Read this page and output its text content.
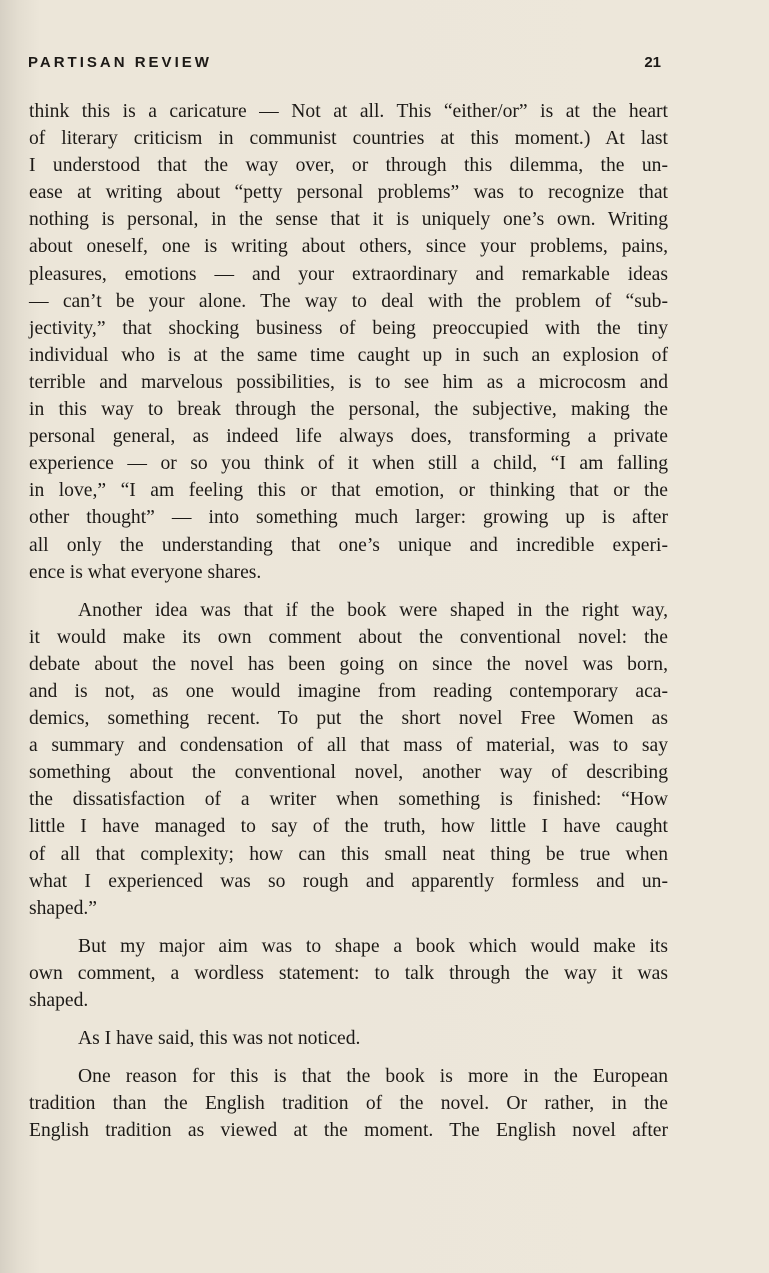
PARTISAN REVIEW	21
think this is a caricature — Not at all. This “either/or” is at the heart
of literary criticism in communist countries at this moment.) At last
I understood that the way over, or through this dilemma, the un-
ease at writing about “petty personal problems” was to recognize that
nothing is personal, in the sense that it is uniquely one’s own. Writing
about oneself, one is writing about others, since your problems, pains,
pleasures, emotions — and your extraordinary and remarkable ideas
— can’t be your alone. The way to deal with the problem of “sub-
jectivity,” that shocking business of being preoccupied with the tiny
individual who is at the same time caught up in such an explosion of
terrible and marvelous possibilities, is to see him as a microcosm and
in this way to break through the personal, the subjective, making the
personal general, as indeed life always does, transforming a private
experience — or so you think of it when still a child, “I am falling
in love,” “I am feeling this or that emotion, or thinking that or the
other thought” — into something much larger: growing up is after
all only the understanding that one’s unique and incredible experi-
ence is what everyone shares.
Another idea was that if the book were shaped in the right way,
it would make its own comment about the conventional novel: the
debate about the novel has been going on since the novel was born,
and is not, as one would imagine from reading contemporary aca-
demics, something recent. To put the short novel Free Women as
a summary and condensation of all that mass of material, was to say
something about the conventional novel, another way of describing
the dissatisfaction of a writer when something is finished: “How
little I have managed to say of the truth, how little I have caught
of all that complexity; how can this small neat thing be true when
what I experienced was so rough and apparently formless and un-
shaped.”
But my major aim was to shape a book which would make its
own comment, a wordless statement: to talk through the way it was
shaped.
As I have said, this was not noticed.
One reason for this is that the book is more in the European
tradition than the English tradition of the novel. Or rather, in the
English tradition as viewed at the moment. The English novel after
